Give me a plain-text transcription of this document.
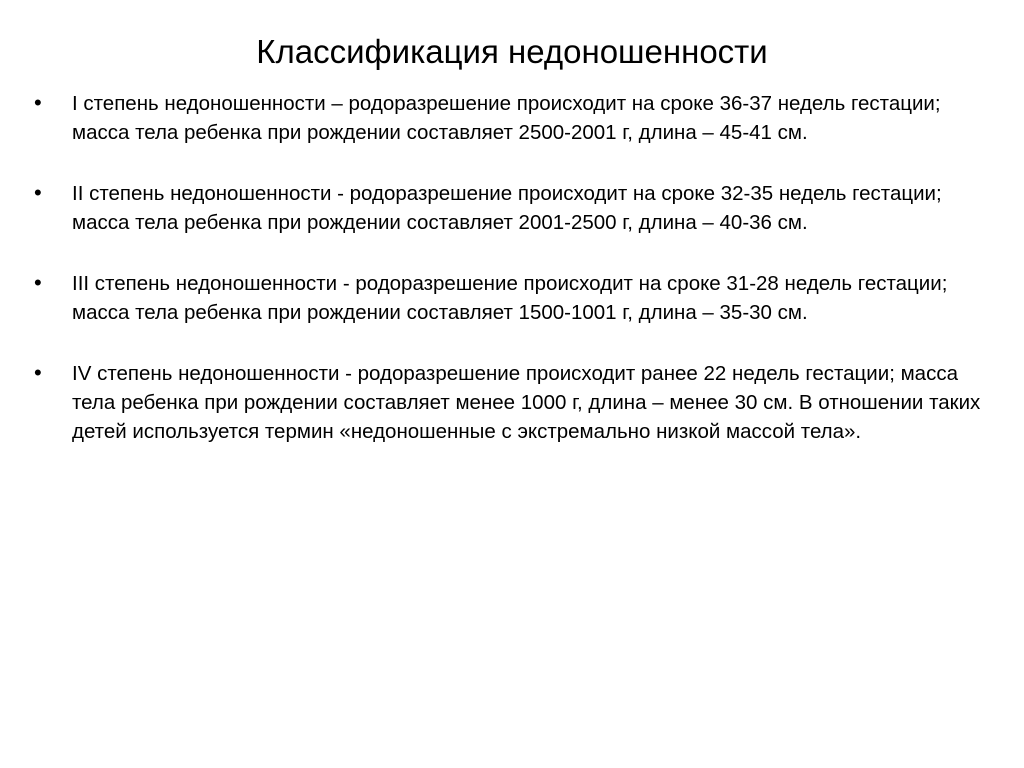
Классификация недоношенности
• I степень недоношенности – родоразрешение происходит на сроке 36-37 недель гестации; масса тела ребенка при рождении составляет 2500-2001 г, длина – 45-41 см.
• II степень недоношенности - родоразрешение происходит на сроке 32-35 недель гестации; масса тела ребенка при рождении составляет 2001-2500 г, длина – 40-36 см.
• III степень недоношенности - родоразрешение происходит на сроке 31-28 недель гестации; масса тела ребенка при рождении составляет 1500-1001 г, длина – 35-30 см.
• IV степень недоношенности - родоразрешение происходит ранее 22 недель гестации; масса тела ребенка при рождении составляет менее 1000 г, длина – менее 30 см. В отношении таких детей используется термин «недоношенные с экстремально низкой массой тела».
